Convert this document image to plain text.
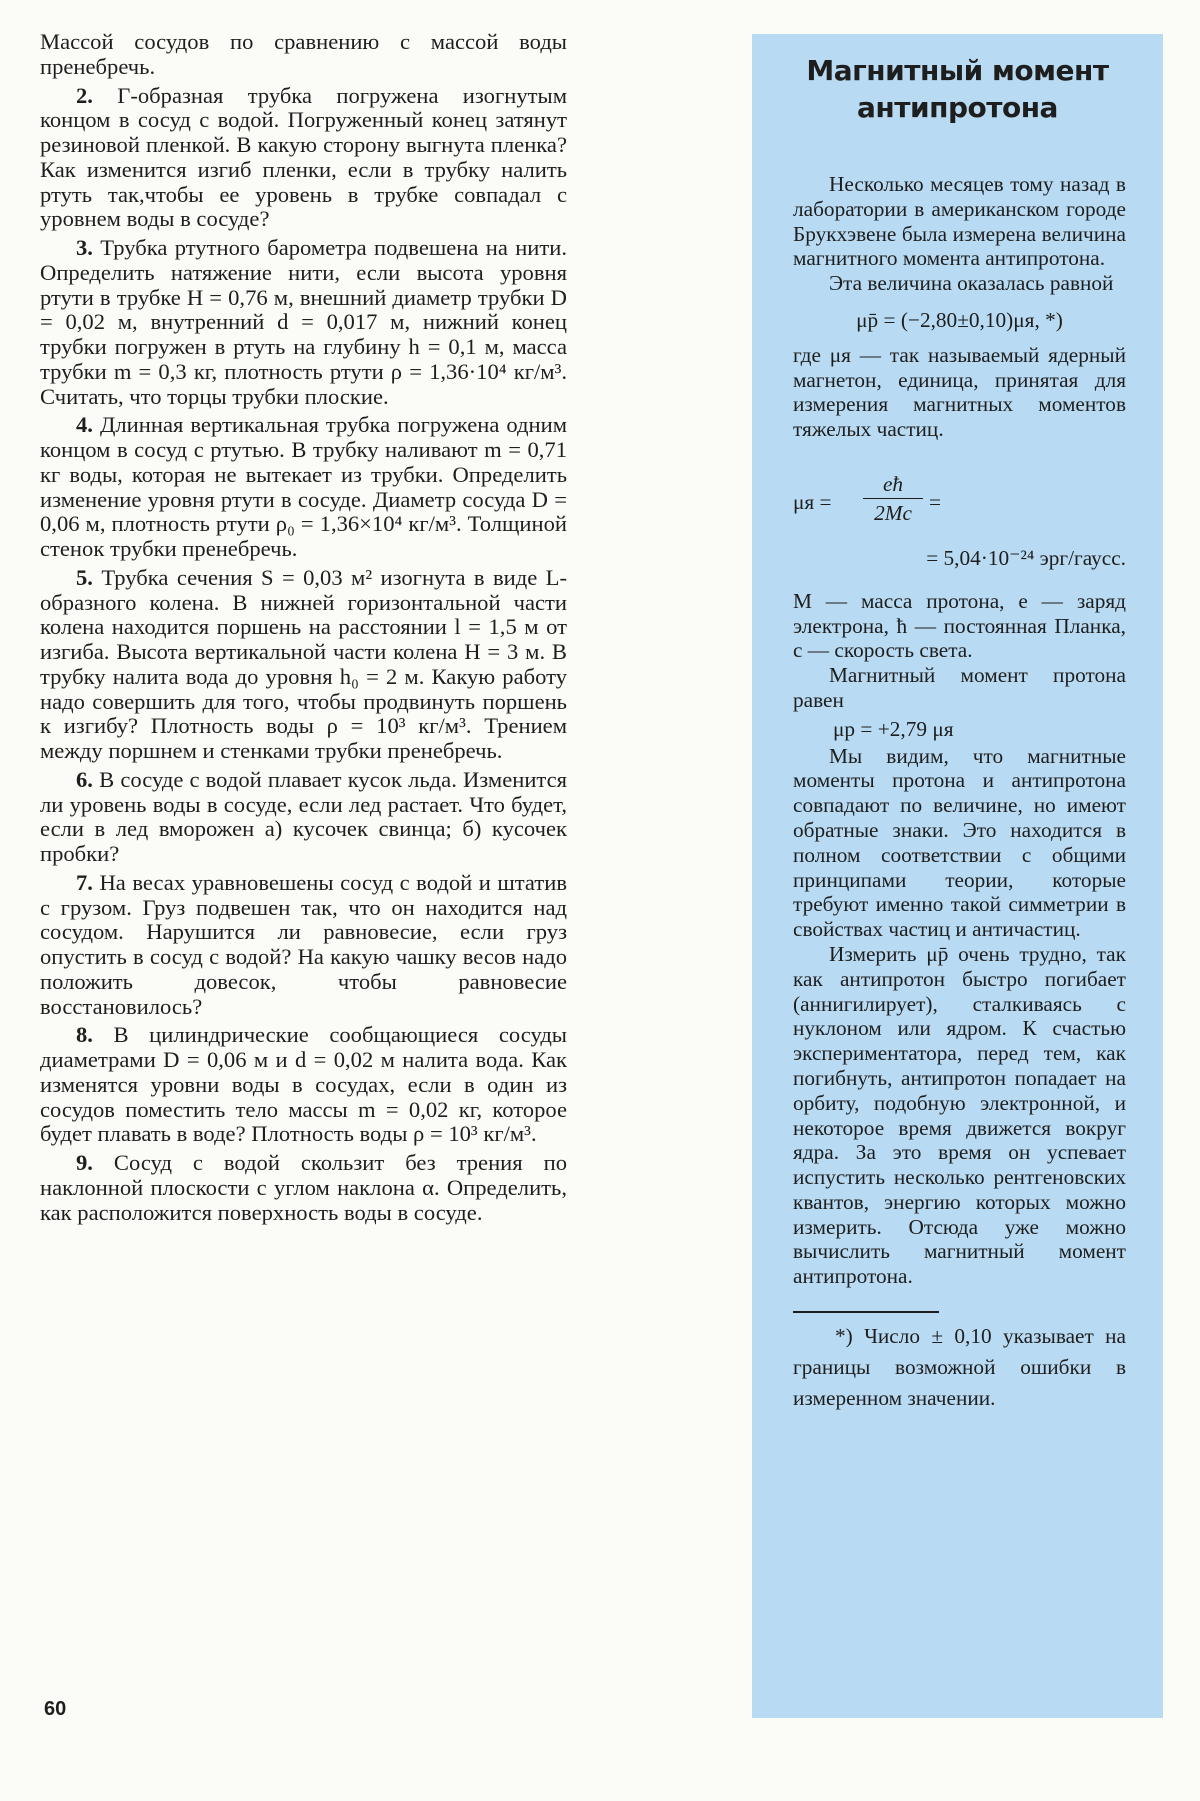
Массой сосудов по сравнению с массой воды пренебречь.

2. Г-образная трубка погружена изогнутым концом в сосуд с водой. Погруженный конец затянут резиновой пленкой. В какую сторону выгнута пленка? Как изменится изгиб пленки, если в трубку налить ртуть так,чтобы ее уровень в трубке совпадал с уровнем воды в сосуде?

3. Трубка ртутного барометра подвешена на нити. Определить натяжение нити, если высота уровня ртути в трубке H = 0,76 м, внешний диаметр трубки D = 0,02 м, внутренний d = 0,017 м, нижний конец трубки погружен в ртуть на глубину h = 0,1 м, масса трубки m = 0,3 кг, плотность ртути ρ = 1,36·10⁴ кг/м³. Считать, что торцы трубки плоские.

4. Длинная вертикальная трубка погружена одним концом в сосуд с ртутью. В трубку наливают m = 0,71 кг воды, которая не вытекает из трубки. Определить изменение уровня ртути в сосуде. Диаметр сосуда D = 0,06 м, плотность ртути ρ₀ = 1,36×10⁴ кг/м³. Толщиной стенок трубки пренебречь.

5. Трубка сечения S = 0,03 м² изогнута в виде L-образного колена. В нижней горизонтальной части колена находится поршень на расстоянии l = 1,5 м от изгиба. Высота вертикальной части колена H = 3 м. В трубку налита вода до уровня h₀ = 2 м. Какую работу надо совершить для того, чтобы продвинуть поршень к изгибу? Плотность воды ρ = 10³ кг/м³. Трением между поршнем и стенками трубки пренебречь.

6. В сосуде с водой плавает кусок льда. Изменится ли уровень воды в сосуде, если лед растает. Что будет, если в лед вморожен а) кусочек свинца; б) кусочек пробки?

7. На весах уравновешены сосуд с водой и штатив с грузом. Груз подвешен так, что он находится над сосудом. Нарушится ли равновесие, если груз опустить в сосуд с водой? На какую чашку весов надо положить довесок, чтобы равновесие восстановилось?

8. В цилиндрические сообщающиеся сосуды диаметрами D = 0,06 м и d = 0,02 м налита вода. Как изменятся уровни воды в сосудах, если в один из сосудов поместить тело массы m = 0,02 кг, которое будет плавать в воде? Плотность воды ρ = 10³ кг/м³.

9. Сосуд с водой скользит без трения по наклонной плоскости с углом наклона α. Определить, как расположится поверхность воды в сосуде.

Магнитный момент
антипротона

Несколько месяцев тому назад в лаборатории в американском городе Брукхэвене была измерена величина магнитного момента антипротона.

Эта величина оказалась равной

μp̄ = (−2,80±0,10)μя, *)

где μя — так называемый ядерный магнетон, единица, принятая для измерения магнитных моментов тяжелых частиц.

$\mu я = \frac{eħ}{2Mc}$ =
= 5,04·10⁻²⁴ эрг/гаусс.

M — масса протона, e — заряд электрона, ħ — постоянная Планка, c — скорость света.

Магнитный момент протона равен

μp = +2,79 μя

Мы видим, что магнитные моменты протона и антипротона совпадают по величине, но имеют обратные знаки. Это находится в полном соответствии с общими принципами теории, которые требуют именно такой симметрии в свойствах частиц и античастиц.

Измерить μp̄ очень трудно, так как антипротон быстро погибает (аннигилирует), сталкиваясь с нуклоном или ядром. К счастью экспериментатора, перед тем, как погибнуть, антипротон попадает на орбиту, подобную электронной, и некоторое время движется вокруг ядра. За это время он успевает испустить несколько рентгеновских квантов, энергию которых можно измерить. Отсюда уже можно вычислить магнитный момент антипротона.

*) Число ± 0,10 указывает на границы возможной ошибки в измеренном значении.

60
